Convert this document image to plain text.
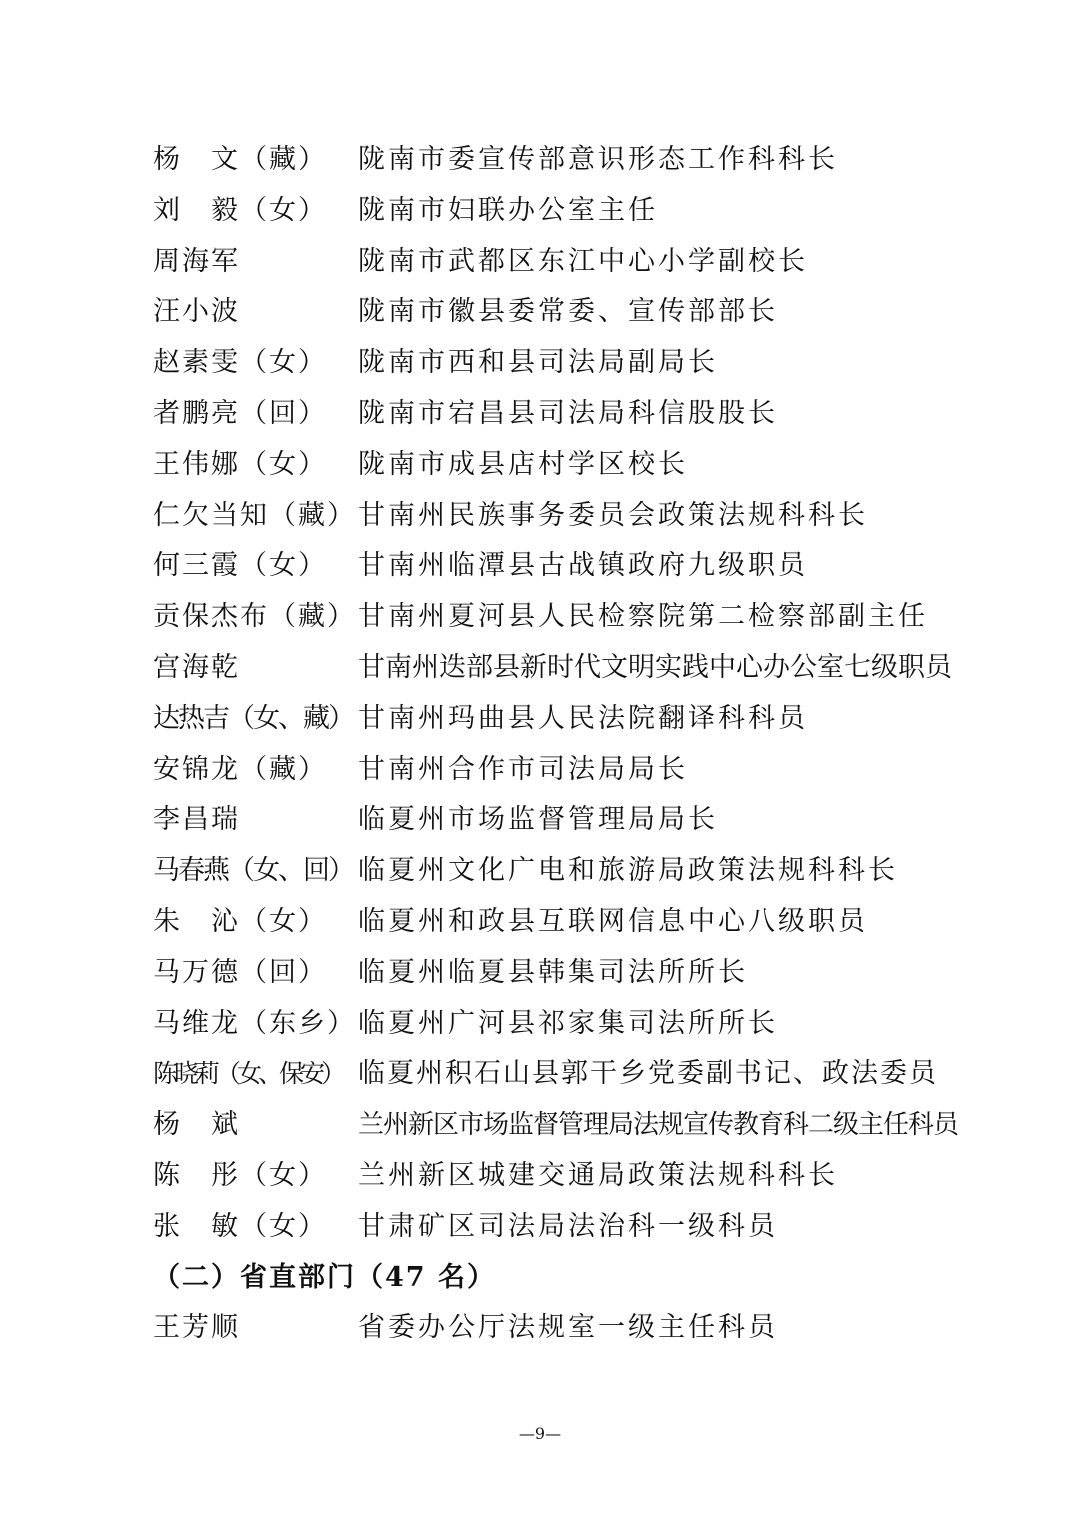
杨　文（藏） 陇南市委宣传部意识形态工作科科长
刘　毅（女） 陇南市妇联办公室主任
周海军	陇南市武都区东江中心小学副校长
汪小波	陇南市徽县委常委、宣传部部长
赵素雯（女） 陇南市西和县司法局副局长
者鹏亮（回） 陇南市宕昌县司法局科信股股长
王伟娜（女） 陇南市成县店村学区校长
仁欠当知（藏） 甘南州民族事务委员会政策法规科科长
何三霞（女） 甘南州临潭县古战镇政府九级职员
贡保杰布（藏） 甘南州夏河县人民检察院第二检察部副主任
宫海乾	甘南州迭部县新时代文明实践中心办公室七级职员
达热吉（女、藏） 甘南州玛曲县人民法院翻译科科员
安锦龙（藏） 甘南州合作市司法局局长
李昌瑞	临夏州市场监督管理局局长
马春燕（女、回） 临夏州文化广电和旅游局政策法规科科长
朱　沁（女） 临夏州和政县互联网信息中心八级职员
马万德（回） 临夏州临夏县韩集司法所所长
马维龙（东乡） 临夏州广河县祁家集司法所所长
陈晓莉（女、保安） 临夏州积石山县郭干乡党委副书记、政法委员
杨　斌	兰州新区市场监督管理局法规宣传教育科二级主任科员
陈　彤（女） 兰州新区城建交通局政策法规科科长
张　敏（女） 甘肃矿区司法局法治科一级科员
（二）省直部门（47 名）
王芳顺	省委办公厅法规室一级主任科员
—9—
